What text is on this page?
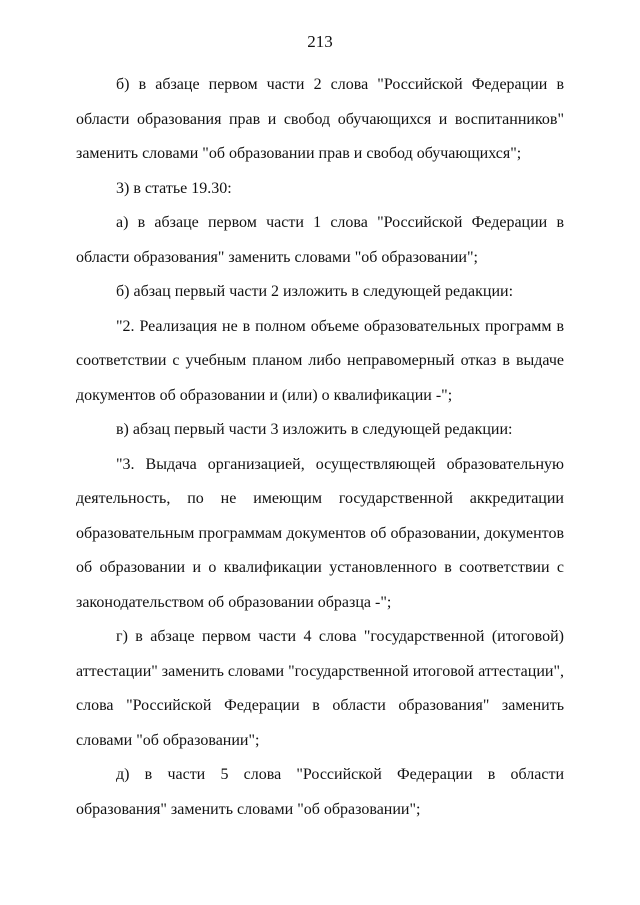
213

б) в абзаце первом части 2 слова "Российской Федерации в области образования прав и свобод обучающихся и воспитанников" заменить словами "об образовании прав и свобод обучающихся";

3) в статье 19.30:

а) в абзаце первом части 1 слова "Российской Федерации в области образования" заменить словами "об образовании";

б) абзац первый части 2 изложить в следующей редакции:

"2. Реализация не в полном объеме образовательных программ в соответствии с учебным планом либо неправомерный отказ в выдаче документов об образовании и (или) о квалификации -";

в) абзац первый части 3 изложить в следующей редакции:

"3. Выдача организацией, осуществляющей образовательную деятельность, по не имеющим государственной аккредитации образовательным программам документов об образовании, документов об образовании и о квалификации установленного в соответствии с законодательством об образовании образца -";

г) в абзаце первом части 4 слова "государственной (итоговой) аттестации" заменить словами "государственной итоговой аттестации", слова "Российской Федерации в области образования" заменить словами "об образовании";

д) в части 5 слова "Российской Федерации в области образования" заменить словами "об образовании";
